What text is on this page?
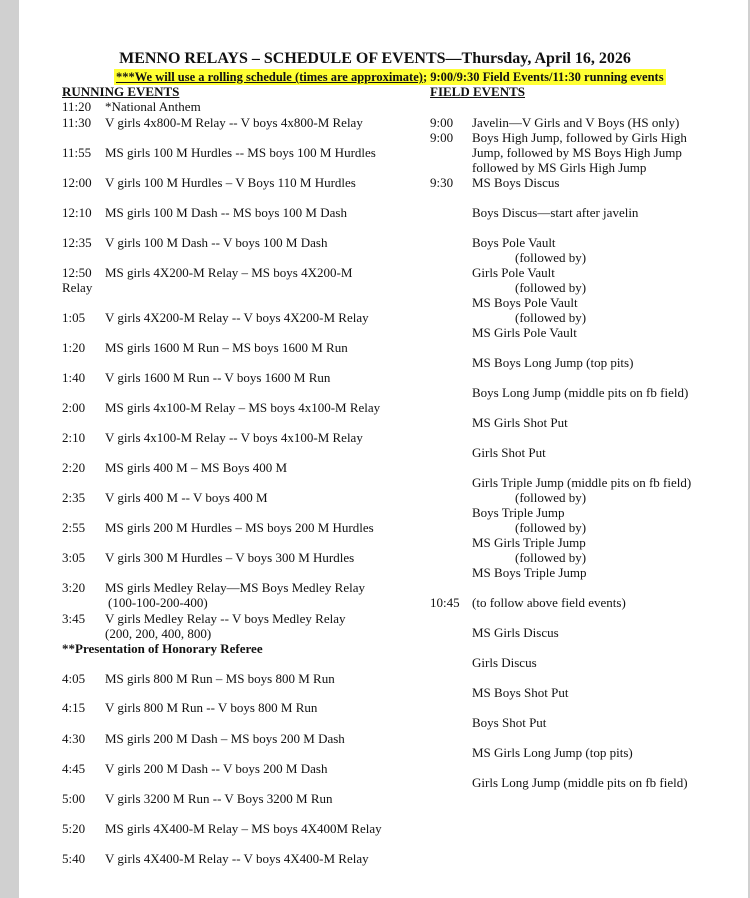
MENNO RELAYS – SCHEDULE OF EVENTS—Thursday, April 16, 2026
***We will use a rolling schedule (times are approximate); 9:00/9:30 Field Events/11:30 running events
RUNNING EVENTS	FIELD EVENTS
11:20 *National Anthem
11:30 V girls 4x800-M Relay -- V boys 4x800-M Relay
11:55 MS girls 100 M Hurdles -- MS boys 100 M Hurdles
12:00 V girls 100 M Hurdles – V Boys 110 M Hurdles
12:10 MS girls 100 M Dash -- MS boys 100 M Dash
12:35 V girls 100 M Dash -- V boys 100 M Dash
12:50 MS girls 4X200-M Relay – MS boys 4X200-M
Relay
1:05 V girls 4X200-M Relay -- V boys 4X200-M Relay
1:20 MS girls 1600 M Run – MS boys 1600 M Run
1:40 V girls 1600 M Run -- V boys 1600 M Run
2:00 MS girls 4x100-M Relay – MS boys 4x100-M Relay
2:10 V girls 4x100-M Relay -- V boys 4x100-M Relay
2:20 MS girls 400 M – MS Boys 400 M
2:35 V girls 400 M -- V boys 400 M
2:55 MS girls 200 M Hurdles – MS boys 200 M Hurdles
3:05 V girls 300 M Hurdles – V boys 300 M Hurdles
3:20 MS girls Medley Relay—MS Boys Medley Relay
(100-100-200-400)
3:45 V girls Medley Relay -- V boys Medley Relay
(200, 200, 400, 800)
**Presentation of Honorary Referee
4:05 MS girls 800 M Run – MS boys 800 M Run
4:15 V girls 800 M Run -- V boys 800 M Run
4:30 MS girls 200 M Dash – MS boys 200 M Dash
4:45 V girls 200 M Dash -- V boys 200 M Dash
5:00 V girls 3200 M Run -- V Boys 3200 M Run
5:20 MS girls 4X400-M Relay – MS boys 4X400M Relay
5:40 V girls 4X400-M Relay -- V boys 4X400-M Relay
9:00 Javelin—V Girls and V Boys (HS only)
9:00 Boys High Jump, followed by Girls High
Jump, followed by MS Boys High Jump
followed by MS Girls High Jump
9:30 MS Boys Discus
Boys Discus—start after javelin
Boys Pole Vault
(followed by)
Girls Pole Vault
(followed by)
MS Boys Pole Vault
(followed by)
MS Girls Pole Vault
MS Boys Long Jump (top pits)
Boys Long Jump (middle pits on fb field)
MS Girls Shot Put
Girls Shot Put
Girls Triple Jump (middle pits on fb field)
(followed by)
Boys Triple Jump
(followed by)
MS Girls Triple Jump
(followed by)
MS Boys Triple Jump
10:45 (to follow above field events)
MS Girls Discus
Girls Discus
MS Boys Shot Put
Boys Shot Put
MS Girls Long Jump (top pits)
Girls Long Jump (middle pits on fb field)
